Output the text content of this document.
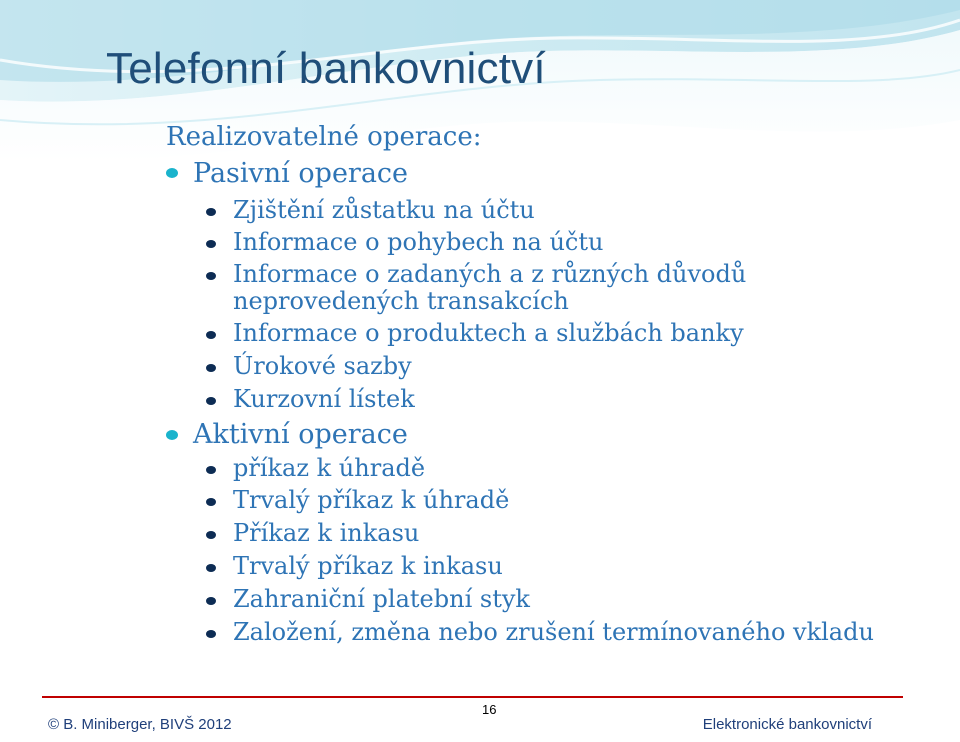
Telefonní bankovnictví
Realizovatelné operace:
Pasivní operace
Zjištění zůstatku na účtu
Informace o pohybech na účtu
Informace o zadaných a z různých důvodů
neprovedených transakcích
Informace o produktech a službách banky
Úrokové sazby
Kurzovní lístek
Aktivní operace
příkaz k úhradě
Trvalý příkaz k úhradě
Příkaz k inkasu
Trvalý příkaz k inkasu
Zahraniční platební styk
Založení, změna nebo zrušení termínovaného vkladu
16
© B. Miniberger, BIVŠ 2012	Elektronické bankovnictví
